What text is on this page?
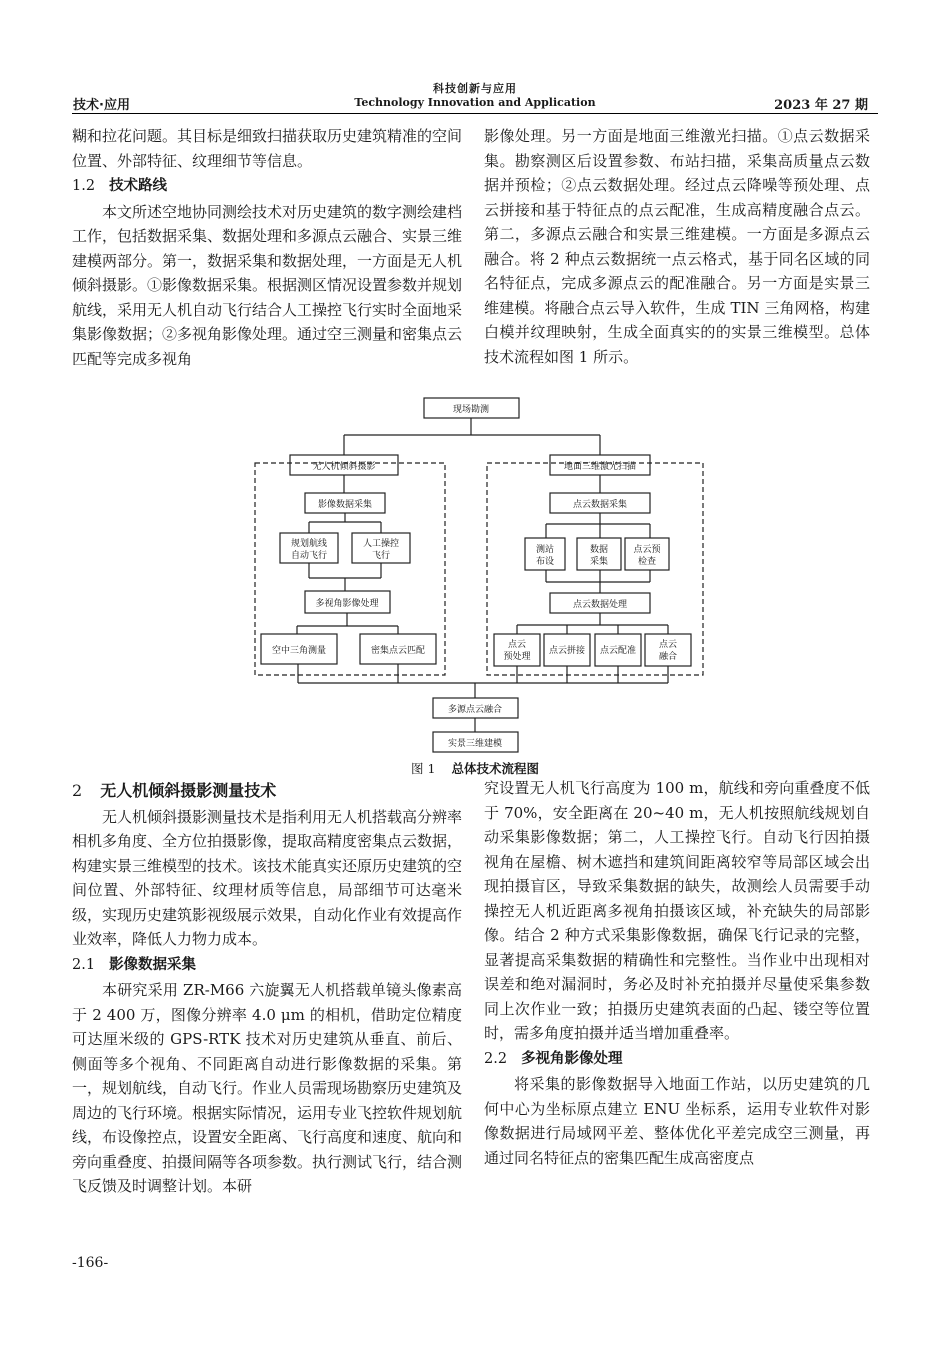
科技创新与应用
技术·应用	Technology Innovation and Application	2023 年 27 期

糊和拉花问题。其目标是细致扫描获取历史建筑精准的空间位置、外部特征、纹理细节等信息。

1.2 技术路线

本文所述空地协同测绘技术对历史建筑的数字测绘建档工作，包括数据采集、数据处理和多源点云融合、实景三维建模两部分。第一，数据采集和数据处理，一方面是无人机倾斜摄影。①影像数据采集。根据测区情况设置参数并规划航线，采用无人机自动飞行结合人工操控飞行实时全面地采集影像数据；②多视角影像处理。通过空三测量和密集点云匹配等完成多视角

影像处理。另一方面是地面三维激光扫描。①点云数据采集。勘察测区后设置参数、布站扫描，采集高质量点云数据并预检；②点云数据处理。经过点云降噪等预处理、点云拼接和基于特征点的点云配准，生成高精度融合点云。第二，多源点云融合和实景三维建模。一方面是多源点云融合。将 2 种点云数据统一点云格式，基于同名区域的同名特征点，完成多源点云的配准融合。另一方面是实景三维建模。将融合点云导入软件，生成 TIN 三角网格，构建白模并纹理映射，生成全面真实的的实景三维模型。总体技术流程如图 1 所示。

现场勘测
无人机倾斜摄影	地面三维激光扫描
影像数据采集
规划航线
自动飞行
人工操控
飞行
多视角影像处理
空中三角测量	密集点云匹配
点云数据采集
测站
布设
数据
采集
点云预
检查
点云数据处理
点云
预处理
点云拼接 点云配准
点云
融合
多源点云融合
实景三维建模
图 1 总体技术流程图

2 无人机倾斜摄影测量技术

无人机倾斜摄影测量技术是指利用无人机搭载高分辨率相机多角度、全方位拍摄影像，提取高精度密集点云数据，构建实景三维模型的技术。该技术能真实还原历史建筑的空间位置、外部特征、纹理材质等信息，局部细节可达毫米级，实现历史建筑影视级展示效果，自动化作业有效提高作业效率，降低人力物力成本。

2.1 影像数据采集

本研究采用 ZR-M66 六旋翼无人机搭载单镜头像素高于 2 400 万，图像分辨率 4.0 μm 的相机，借助定位精度可达厘米级的 GPS-RTK 技术对历史建筑从垂直、前后、侧面等多个视角、不同距离自动进行影像数据的采集。第一，规划航线，自动飞行。作业人员需现场勘察历史建筑及周边的飞行环境。根据实际情况，运用专业飞控软件规划航线，布设像控点，设置安全距离、飞行高度和速度、航向和旁向重叠度、拍摄间隔等各项参数。执行测试飞行，结合测飞反馈及时调整计划。本研

究设置无人机飞行高度为 100 m，航线和旁向重叠度不低于 70%，安全距离在 20~40 m，无人机按照航线规划自动采集影像数据；第二，人工操控飞行。自动飞行因拍摄视角在屋檐、树木遮挡和建筑间距离较窄等局部区域会出现拍摄盲区，导致采集数据的缺失，故测绘人员需要手动操控无人机近距离多视角拍摄该区域，补充缺失的局部影像。结合 2 种方式采集影像数据，确保飞行记录的完整，显著提高采集数据的精确性和完整性。当作业中出现相对误差和绝对漏洞时，务必及时补充拍摄并尽量使采集参数同上次作业一致；拍摄历史建筑表面的凸起、镂空等位置时，需多角度拍摄并适当增加重叠率。

2.2 多视角影像处理

将采集的影像数据导入地面工作站，以历史建筑的几何中心为坐标原点建立 ENU 坐标系，运用专业软件对影像数据进行局域网平差、整体优化平差完成空三测量，再通过同名特征点的密集匹配生成高密度点

-166-
